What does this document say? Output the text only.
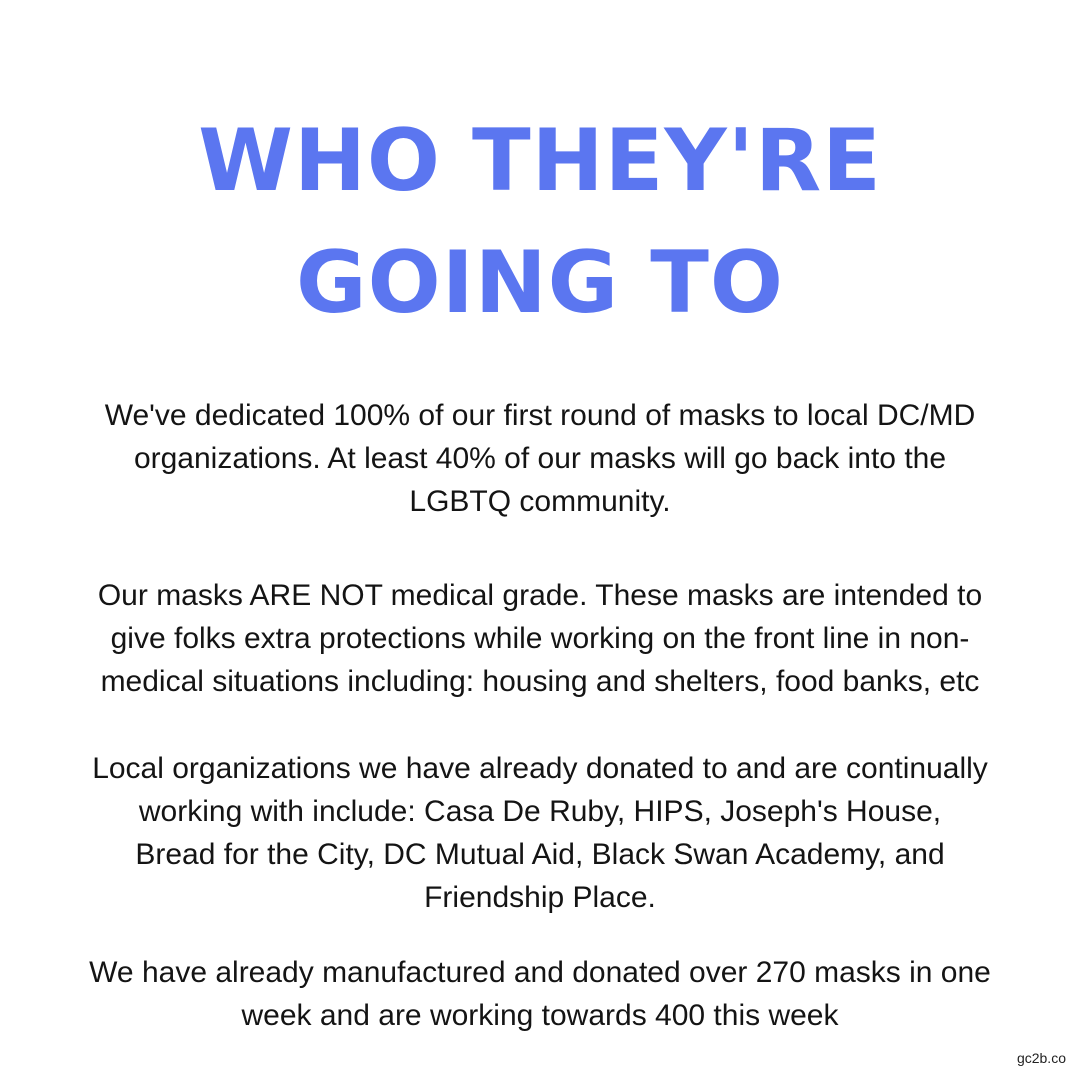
WHO THEY'RE
GOING TO

We've dedicated 100% of our first round of masks to local DC/MD
organizations. At least 40% of our masks will go back into the
LGBTQ community.

Our masks ARE NOT medical grade. These masks are intended to
give folks extra protections while working on the front line in non-
medical situations including: housing and shelters, food banks, etc

Local organizations we have already donated to and are continually
working with include: Casa De Ruby, HIPS, Joseph's House,
Bread for the City, DC Mutual Aid, Black Swan Academy, and
Friendship Place.

We have already manufactured and donated over 270 masks in one
week and are working towards 400 this week

gc2b.co
